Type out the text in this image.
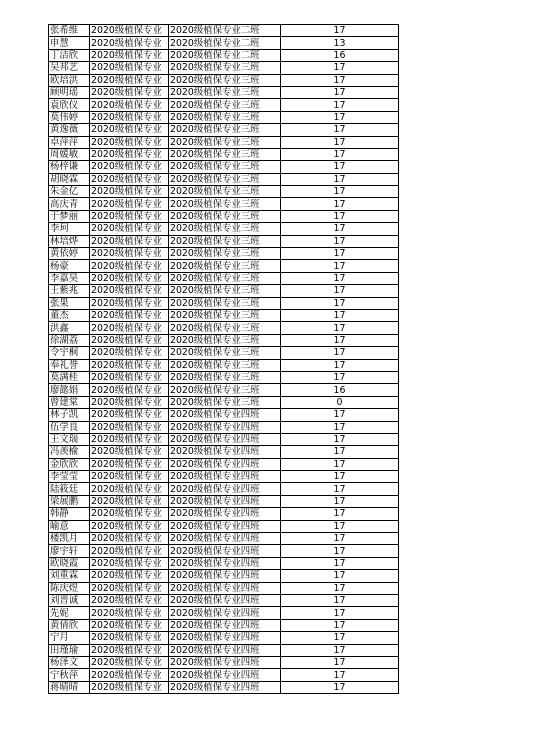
张希维	2020级植保专业	2020级植保专业二班	17
申慧	2020级植保专业	2020级植保专业二班	13
丁洁欣	2020级植保专业	2020级植保专业二班	16
吴邦艺	2020级植保专业	2020级植保专业三班	17
欧培洪	2020级植保专业	2020级植保专业三班	17
顾明瑶	2020级植保专业	2020级植保专业三班	17
袁欣仪	2020级植保专业	2020级植保专业三班	17
莫伟婷	2020级植保专业	2020级植保专业三班	17
黄逸薇	2020级植保专业	2020级植保专业三班	17
卓萍萍	2020级植保专业	2020级植保专业三班	17
周媛敏	2020级植保专业	2020级植保专业三班	17
杨梓谦	2020级植保专业	2020级植保专业三班	17
胡晓霖	2020级植保专业	2020级植保专业三班	17
朱金亿	2020级植保专业	2020级植保专业三班	17
高庆青	2020级植保专业	2020级植保专业三班	17
于梦丽	2020级植保专业	2020级植保专业三班	17
李珂	2020级植保专业	2020级植保专业三班	17
林培烨	2020级植保专业	2020级植保专业三班	17
黄依婷	2020级植保专业	2020级植保专业三班	17
杨豪	2020级植保专业	2020级植保专业三班	17
李嘉昊	2020级植保专业	2020级植保专业三班	17
王紫兆	2020级植保专业	2020级植保专业三班	17
张果	2020级植保专业	2020级植保专业三班	17
董杰	2020级植保专业	2020级植保专业三班	17
洪鑫	2020级植保专业	2020级植保专业三班	17
徐湖荔	2020级植保专业	2020级植保专业三班	17
令宇桐	2020级植保专业	2020级植保专业三班	17
奉礼誉	2020级植保专业	2020级植保专业三班	17
莫满桂	2020级植保专业	2020级植保专业三班	17
廖懿娟	2020级植保专业	2020级植保专业三班	16
曾建棠	2020级植保专业	2020级植保专业三班	0
林子凯	2020级植保专业	2020级植保专业四班	17
伍学良	2020级植保专业	2020级植保专业四班	17
王文瑞	2020级植保专业	2020级植保专业四班	17
冯羡榆	2020级植保专业	2020级植保专业四班	17
金欣欣	2020级植保专业	2020级植保专业四班	17
李莹莹	2020级植保专业	2020级植保专业四班	17
陆筱廷	2020级植保专业	2020级植保专业四班	17
梁展鹏	2020级植保专业	2020级植保专业四班	17
韩静	2020级植保专业	2020级植保专业四班	17
喻意	2020级植保专业	2020级植保专业四班	17
楼凯月	2020级植保专业	2020级植保专业四班	17
廖宇轩	2020级植保专业	2020级植保专业四班	17
欧晓霞	2020级植保专业	2020级植保专业四班	17
刘重霖	2020级植保专业	2020级植保专业四班	17
陈庆煜	2020级植保专业	2020级植保专业四班	17
刘晋诚	2020级植保专业	2020级植保专业四班	17
先妮	2020级植保专业	2020级植保专业四班	17
黄倩欣	2020级植保专业	2020级植保专业四班	17
宁月	2020级植保专业	2020级植保专业四班	17
田瑾瑜	2020级植保专业	2020级植保专业四班	17
杨泽文	2020级植保专业	2020级植保专业四班	17
宁秋萍	2020级植保专业	2020级植保专业四班	17
蒋晴晴	2020级植保专业	2020级植保专业四班	17
